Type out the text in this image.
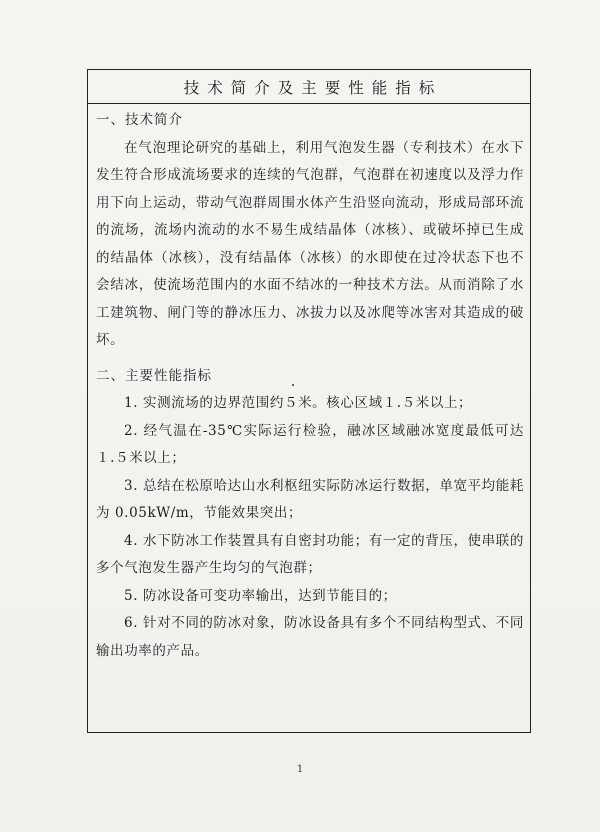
技术简介及主要性能指标

一、技术简介

在气泡理论研究的基础上，利用气泡发生器（专利技术）在水下发生符合形成流场要求的连续的气泡群，气泡群在初速度以及浮力作用下向上运动，带动气泡群周围水体产生沿竖向流动，形成局部环流的流场，流场内流动的水不易生成结晶体（冰核）、或破坏掉已生成的结晶体（冰核），没有结晶体（冰核）的水即使在过冷状态下也不会结冰，使流场范围内的水面不结冰的一种技术方法。从而消除了水工建筑物、闸门等的静冰压力、冰拔力以及冰爬等冰害对其造成的破坏。

二、主要性能指标

1. 实测流场的边界范围约５米。核心区域１.５米以上；

2. 经气温在-35℃实际运行检验，融冰区域融冰宽度最低可达１.５米以上；

3. 总结在松原哈达山水利枢纽实际防冰运行数据，单宽平均能耗为 0.05kW/m，节能效果突出；

4. 水下防冰工作装置具有自密封功能；有一定的背压，使串联的多个气泡发生器产生均匀的气泡群；

5. 防冰设备可变功率输出，达到节能目的；

6. 针对不同的防冰对象，防冰设备具有多个不同结构型式、不同输出功率的产品。

1
